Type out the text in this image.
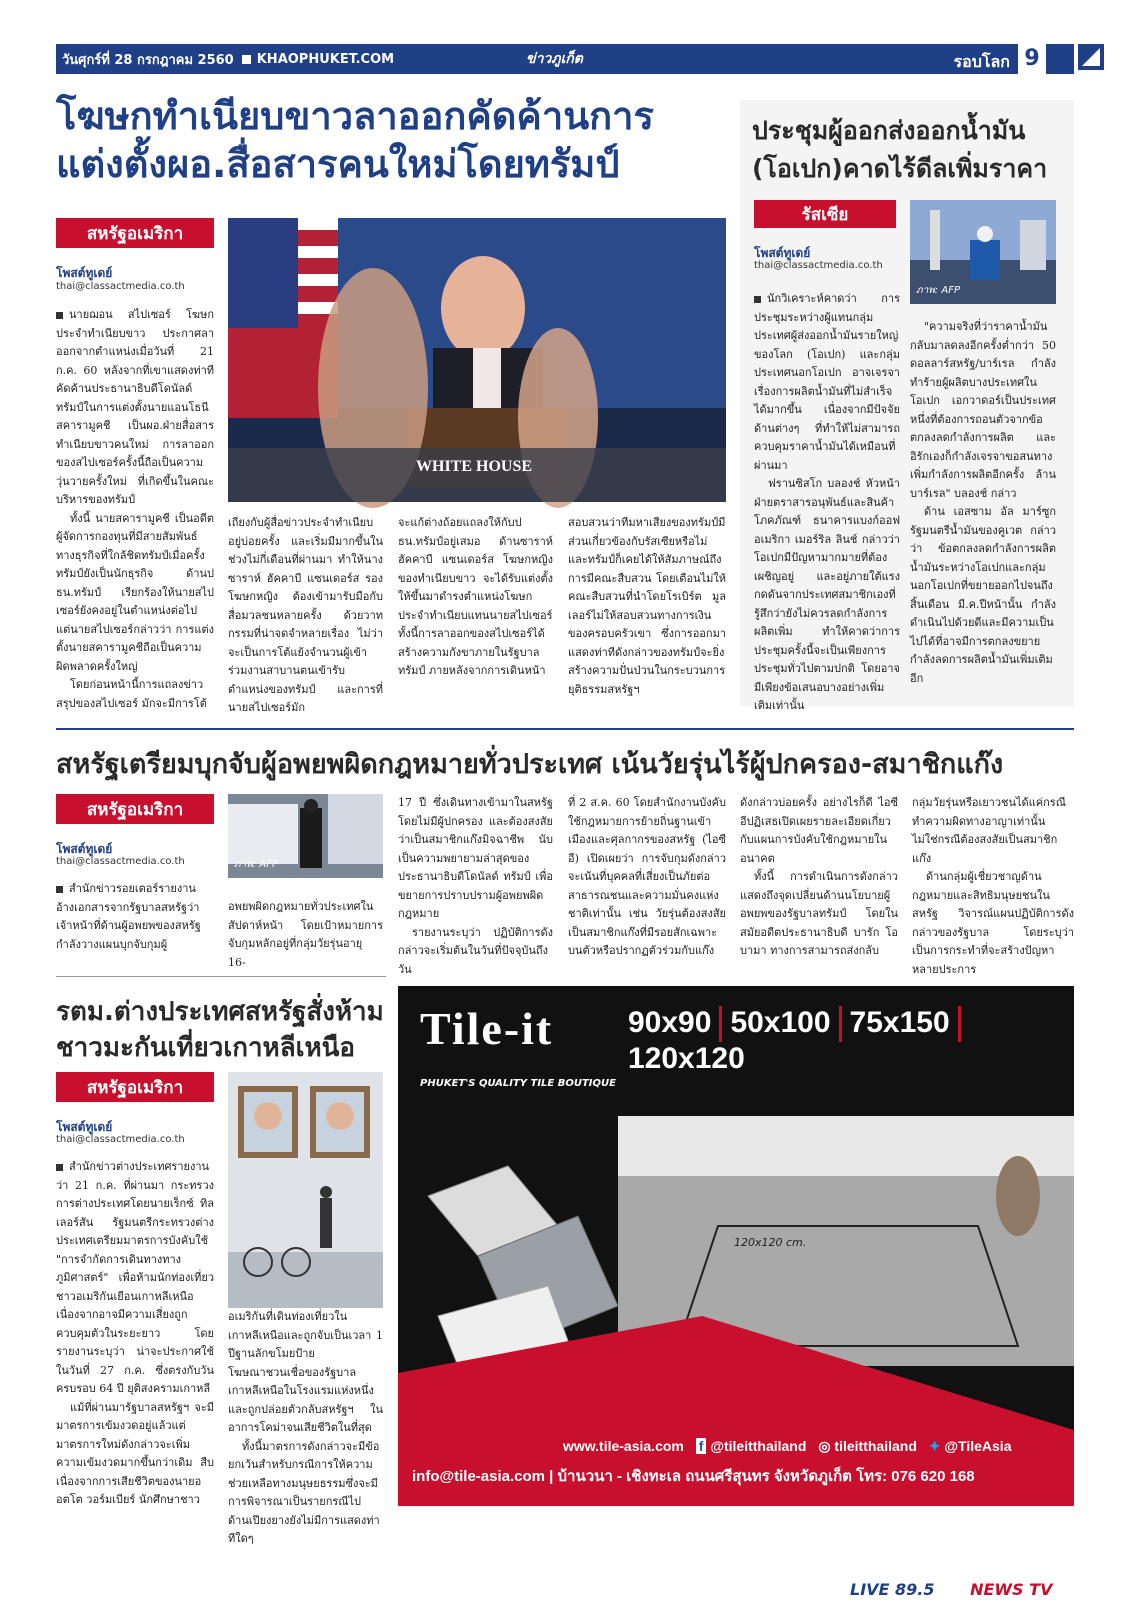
วันศุกร์ที่ 28 กรกฎาคม 2560 KHAOPHUKET.COM	ข่าวภูเก็ต	รอบโลก 9
โฆษกทำเนียบขาวลาออกคัดค้านการ
แต่งตั้งผอ.สื่อสารคนใหม่โดยทรัมป์
สหรัฐอเมริกา
โพสต์ทูเดย์
thai@classactmedia.co.th
นายฌอน สไปเซอร์ โฆษกประจำทำเนียบขาว ประกาศลาออกจากตำแหน่งเมื่อวันที่ 21 ก.ค. 60 หลังจากที่เขาแสดงท่าทีคัดค้านประธานาธิบดีโดนัลด์ ทรัมป์ในการแต่งตั้งนายแอนโธนี สคารามูคชี เป็นผอ.ฝ่ายสื่อสารทำเนียบขาวคนใหม่ การลาออกของสไปเซอร์ครั้งนี้ถือเป็นความวุ่นวายครั้งใหม่ ที่เกิดขึ้นในคณะบริหารของทรัมป์
ทั้งนี้ นายสคารามูคชี เป็นอดีตผู้จัดการกองทุนที่มีสายสัมพันธ์ทางธุรกิจที่ใกล้ชิดทรัมป์เมื่อครั้งทรัมป์ยังเป็นนักธุรกิจ ด้านปธน.ทรัมป์ เรียกร้องให้นายสไปเซอร์ยังคงอยู่ในตำแหน่งต่อไป แต่นายสไปเซอร์กล่าวว่า การแต่งตั้งนายสคารามูคชีถือเป็นความผิดพลาดครั้งใหญ่
โดยก่อนหน้านี้การแถลงข่าวสรุปของสไปเซอร์ มักจะมีการโต้
WHITE HOUSE
เถียงกับผู้สื่อข่าวประจำทำเนียบอยู่บ่อยครั้ง และเริ่มมีมากขึ้นในช่วงไม่กี่เดือนที่ผ่านมา ทำให้นางซาราห์ ฮัคคาบี แซนเดอร์ส รองโฆษกหญิง ต้องเข้ามารับมือกับสื่อมวลชนหลายครั้ง ด้วยวาทกรรมที่น่าจดจำหลายเรื่อง ไม่ว่าจะเป็นการโต้แย้งจำนวนผู้เข้าร่วมงานสาบานตนเข้ารับตำแหน่งของทรัมป์ และการที่นายสไปเซอร์มัก
จะแก้ต่างถ้อยแถลงให้กับปธน.ทรัมป์อยู่เสมอ ด้านซาราห์ ฮัคคาบี แซนเดอร์ส โฆษกหญิงของทำเนียบขาว จะได้รับแต่งตั้งให้ขึ้นมาดำรงตำแหน่งโฆษกประจำทำเนียบแทนนายสไปเซอร์ ทั้งนี้การลาออกของสไปเซอร์ได้สร้างความกังขาภายในรัฐบาลทรัมป์ ภายหลังจากการเดินหน้า
สอบสวนว่าทีมหาเสียงของทรัมป์มีส่วนเกี่ยวข้องกับรัสเซียหรือไม่ และทรัมป์ก็เคยได้ให้สัมภาษณ์ถึงการมีคณะสืบสวน โดยเตือนไม่ให้คณะสืบสวนที่นำโดยโรเบิร์ต มูลเลอร์ไม่ให้สอบสวนทางการเงินของครอบครัวเขา ซึ่งการออกมาแสดงท่าทีดังกล่าวของทรัมป์จะยิ่งสร้างความปั่นป่วนในกระบวนการยุติธรรมสหรัฐฯ
ประชุมผู้ออกส่งออกน้ำมัน
(โอเปก)คาดไร้ดีลเพิ่มราคา
รัสเซีย
โพสต์ทูเดย์
thai@classactmedia.co.th
ภาพ: AFP
นักวิเคราะห์คาดว่า การประชุมระหว่างผู้แทนกลุ่มประเทศผู้ส่งออกน้ำมันรายใหญ่ของโลก (โอเปก) และกลุ่มประเทศนอกโอเปก อาจเจรจาเรื่องการผลิตน้ำมันที่ไม่สำเร็จได้มากขึ้น เนื่องจากมีปัจจัยด้านต่างๆ ที่ทำให้ไม่สามารถควบคุมราคาน้ำมันได้เหมือนที่ผ่านมา
ฟรานซิสโก บลองช์ หัวหน้าฝ่ายตราสารอนุพันธ์และสินค้าโภคภัณฑ์ ธนาคารแบงก์ออฟอเมริกา เมอร์ริล ลินช์ กล่าวว่า โอเปกมีปัญหามากมายที่ต้องเผชิญอยู่ และอยู่ภายใต้แรงกดดันจากประเทศสมาชิกเองที่รู้สึกว่ายังไม่ควรลดกำลังการผลิตเพิ่ม ทำให้คาดว่าการประชุมครั้งนี้จะเป็นเพียงการประชุมทั่วไปตามปกติ โดยอาจมีเพียงข้อเสนอบางอย่างเพิ่มเติมเท่านั้น
"ความจริงที่ว่าราคาน้ำมันกลับมาลดลงอีกครั้งต่ำกว่า 50 ดอลลาร์สหรัฐ/บาร์เรล กำลังทำร้ายผู้ผลิตบางประเทศในโอเปก เอกวาดอร์เป็นประเทศหนึ่งที่ต้องการถอนตัวจากข้อตกลงลดกำลังการผลิต และอิรักเองก็กำลังเจรจาขอสนทางเพิ่มกำลังการผลิตอีกครั้ง ล้านบาร์เรล" บลองช์ กล่าว
ด้าน เอสซาม อัล มาร์ซูก รัฐมนตรีน้ำมันของคูเวต กล่าวว่า ข้อตกลงลดกำลังการผลิตน้ำมันระหว่างโอเปกและกลุ่มนอกโอเปกที่ขยายออกไปจนถึงสิ้นเดือน มี.ค.ปีหน้านั้น กำลังดำเนินไปด้วยดีและมีความเป็นไปได้ที่อาจมีการตกลงขยายกำลังลดการผลิตน้ำมันเพิ่มเติมอีก
สหรัฐเตรียมบุกจับผู้อพยพผิดกฎหมายทั่วประเทศ เน้นวัยรุ่นไร้ผู้ปกครอง-สมาชิกแก๊ง
สหรัฐอเมริกา
โพสต์ทูเดย์
thai@classactmedia.co.th	ภาพ: AFP
สำนักข่าวรอยเตอร์รายงานอ้างเอกสารจากรัฐบาลสหรัฐว่า เจ้าหน้าที่ด้านผู้อพยพของสหรัฐกำลังวางแผนบุกจับกุมผู้
อพยพผิดกฎหมายทั่วประเทศในสัปดาห์หน้า โดยเป้าหมายการจับกุมหลักอยู่ที่กลุ่มวัยรุ่นอายุ 16-
17 ปี ซึ่งเดินทางเข้ามาในสหรัฐโดยไม่มีผู้ปกครอง และต้องสงสัยว่าเป็นสมาชิกแก๊งมิจฉาชีพ นับเป็นความพยายามล่าสุดของประธานาธิบดีโดนัลด์ ทรัมป์ เพื่อขยายการปราบปรามผู้อพยพผิดกฎหมาย
รายงานระบุว่า ปฏิบัติการดังกล่าวจะเริ่มต้นในวันที่ปัจจุบันถึงวัน
ที่ 2 ส.ค. 60 โดยสำนักงานบังคับใช้กฎหมายการย้ายถิ่นฐานเข้าเมืองและศุลกากรของสหรัฐ (ไอซีอี) เปิดเผยว่า การจับกุมดังกล่าวจะเน้นที่บุคคลที่เสี่ยงเป็นภัยต่อสาธารณชนและความมั่นคงแห่งชาติเท่านั้น เช่น วัยรุ่นต้องสงสัยเป็นสมาชิกแก๊งที่มีรอยสักเฉพาะบนตัวหรือปรากฏตัวร่วมกับแก๊ง
ดังกล่าวบ่อยครั้ง อย่างไรก็ดี ไอซีอีปฏิเสธเปิดเผยรายละเอียดเกี่ยวกับแผนการบังคับใช้กฎหมายในอนาคต
ทั้งนี้ การดำเนินการดังกล่าวแสดงถึงจุดเปลี่ยนด้านนโยบายผู้อพยพของรัฐบาลทรัมป์ โดยในสมัยอดีตประธานาธิบดี บารัก โอบามา ทางการสามารถส่งกลับ
กลุ่มวัยรุ่นหรือเยาวชนได้แค่กรณีทำความผิดทางอาญาเท่านั้น ไม่ใช่กรณีต้องสงสัยเป็นสมาชิกแก๊ง
ด้านกลุ่มผู้เชี่ยวชาญด้านกฎหมายและสิทธิมนุษยชนในสหรัฐ วิจารณ์แผนปฏิบัติการดังกล่าวของรัฐบาล โดยระบุว่าเป็นการกระทำที่จะสร้างปัญหาหลายประการ
รตม.ต่างประเทศสหรัฐสั่งห้าม
ชาวมะกันเที่ยวเกาหลีเหนือ
สหรัฐอเมริกา
โพสต์ทูเดย์
thai@classactmedia.co.th
สำนักข่าวต่างประเทศรายงานว่า 21 ก.ค. ที่ผ่านมา กระทรวงการต่างประเทศโดยนายเร็กซ์ ทิลเลอร์สัน รัฐมนตรีกระทรวงต่างประเทศเตรียมมาตรการบังคับใช้ "การจำกัดการเดินทางทางภูมิศาสตร์" เพื่อห้ามนักท่องเที่ยวชาวอเมริกันเยือนเกาหลีเหนือ เนื่องจากอาจมีความเสี่ยงถูกควบคุมตัวในระยะยาว โดยรายงานระบุว่า น่าจะประกาศใช้ในวันที่ 27 ก.ค. ซึ่งตรงกับวันครบรอบ 64 ปี ยุติสงครามเกาหลี
แม้ที่ผ่านมารัฐบาลสหรัฐฯ จะมีมาตรการเข้มงวดอยู่แล้วแต่มาตรการใหม่ดังกล่าวจะเพิ่มความเข้มงวดมากขึ้นกว่าเดิม สืบเนื่องจากการเสียชีวิตของนายออตโต วอร์มเบียร์ นักศึกษาชาว
อเมริกันที่เดินท่องเที่ยวในเกาหลีเหนือและถูกจับเป็นเวลา 1 ปีฐานลักขโมยป้ายโฆษณาชวนเชื่อของรัฐบาลเกาหลีเหนือในโรงแรมแห่งหนึ่ง และถูกปล่อยตัวกลับสหรัฐฯ ในอาการโคม่าจนเสียชีวิตในที่สุด
ทั้งนี้มาตรการดังกล่าวจะมีข้อยกเว้นสำหรับกรณีการให้ความช่วยเหลือทางมนุษยธรรมซึ่งจะมีการพิจารณาเป็นรายกรณีไป ด้านเปียงยางยังไม่มีการแสดงท่าทีใดๆ
Tile-it
PHUKET'S QUALITY TILE BOUTIQUE
90x90 50x100 75x150120x120
120x120 cm.
www.tile-asia.com f @tileitthailand ◎ tileitthailand ✦ @TileAsia
info@tile-asia.com | บ้านวนา - เชิงทะเล ถนนศรีสุนทร จังหวัดภูเก็ต โทร: 076 620 168
LIVE 89.5 NEWS TV
